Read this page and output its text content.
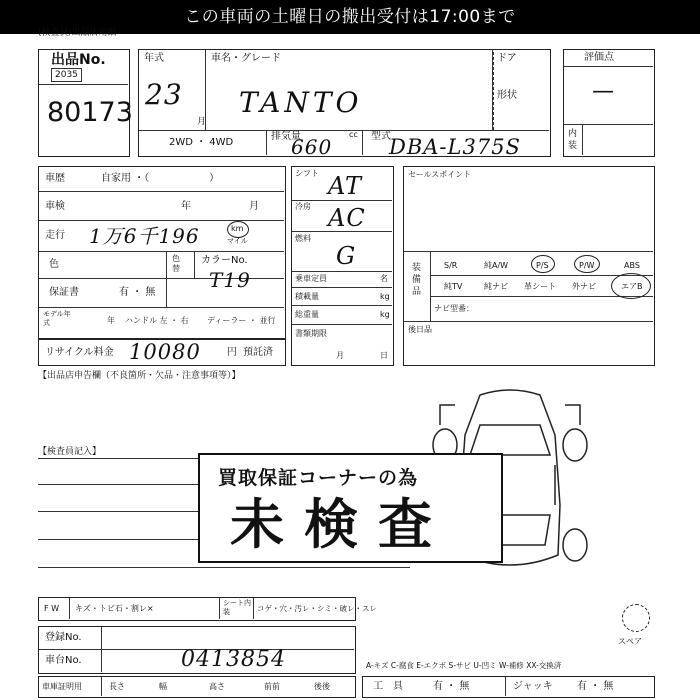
この車両の土曜日の搬出受付は17:00まで
(検査員/出品店用紙
出品No.
2035
80173
年式
23
月
車名・グレード
TANTO
ドア
形状
2WD ・ 4WD
排気量
660
cc 型式
DBA-L375S
評価点
—
内装
車歴	自家用 ・（　　　　　　）
車検	年	月
走行 1万6千196	km
マイル
色
色替
カラーNo.
T19
保証書	有 ・ 無
モデル年式	年 ハンドル 左 ・ 右 ディーラー ・ 並行
リサイクル料金 10080	円 預託済
シフト AT
冷房 AC
燃料
G
乗車定員	名
積載量	kg
総重量	kg
書類期限
月	日
セールスポイント
装備品
S/R	純A/W	P/S	P/W	ABS
純TV	純ナビ 革シート 外ナビ	エアB
ナビ型番：
後日品
【出品店申告欄（不良箇所・欠品・注意事項等）】
【検査員記入】
買取保証コーナーの為
未検査
F W キズ・トビ石・割レ×
シート内装	コゲ・穴・汚レ・シミ・破レ・スレ
登録No.
車台No.	0413854
車庫証明用	長さ	幅	高さ	前前	後後
スペア
A-キズ C-腐食 E-エクボ S-サビ U-凹ミ W-補修 XX-交換済
工　具	有 ・ 無	ジャッキ 有 ・ 無
